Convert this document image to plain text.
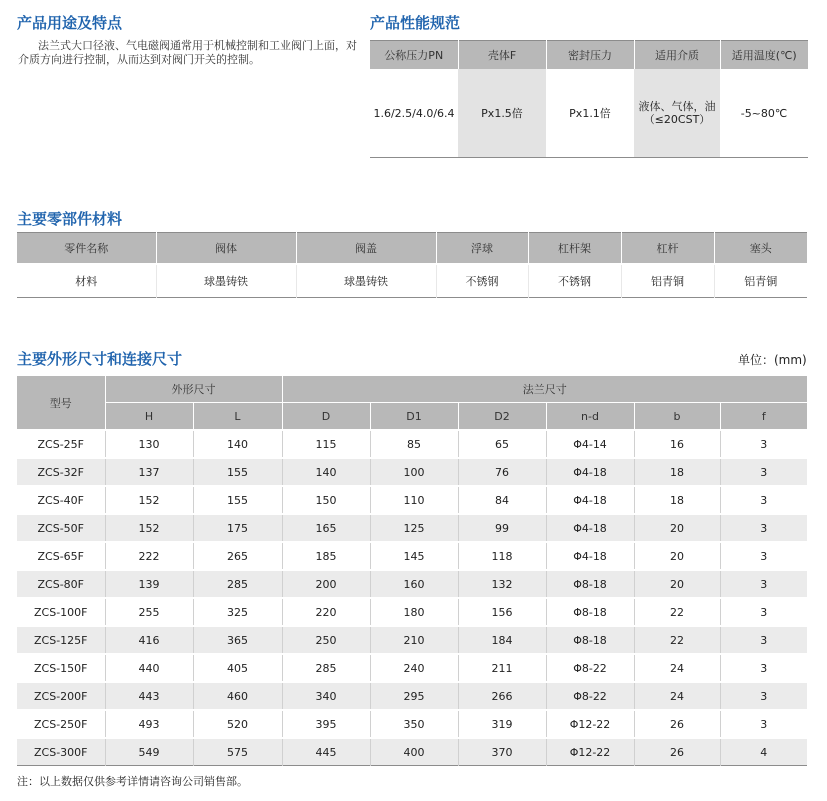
产品用途及特点
法兰式大口径液、气电磁阀通常用于机械控制和工业阀门上面，对介质方向进行控制，从而达到对阀门开关的控制。
产品性能规范
公称压力PN	壳体F	密封压力	适用介质	适用温度(℃)
1.6/2.5/4.0/6.4	Px1.5倍	Px1.1倍	液体、气体，油（≤20CST）	-5~80℃
主要零部件材料
零件名称	阀体	阀盖	浮球	杠杆架	杠杆	塞头
材料	球墨铸铁	球墨铸铁	不锈钢	不锈钢	铝青铜	铝青铜
主要外形尺寸和连接尺寸	单位：(mm)
型号	外形尺寸		法兰尺寸					
	H	L	D	D1	D2	n-d	b	f
ZCS-25F	130	140	115	85	65	Φ4-14	16	3
ZCS-32F	137	155	140	100	76	Φ4-18	18	3
ZCS-40F	152	155	150	110	84	Φ4-18	18	3
ZCS-50F	152	175	165	125	99	Φ4-18	20	3
ZCS-65F	222	265	185	145	118	Φ4-18	20	3
ZCS-80F	139	285	200	160	132	Φ8-18	20	3
ZCS-100F	255	325	220	180	156	Φ8-18	22	3
ZCS-125F	416	365	250	210	184	Φ8-18	22	3
ZCS-150F	440	405	285	240	211	Φ8-22	24	3
ZCS-200F	443	460	340	295	266	Φ8-22	24	3
ZCS-250F	493	520	395	350	319	Φ12-22	26	3
ZCS-300F	549	575	445	400	370	Φ12-22	26	4
注：以上数据仅供参考详情请咨询公司销售部。
